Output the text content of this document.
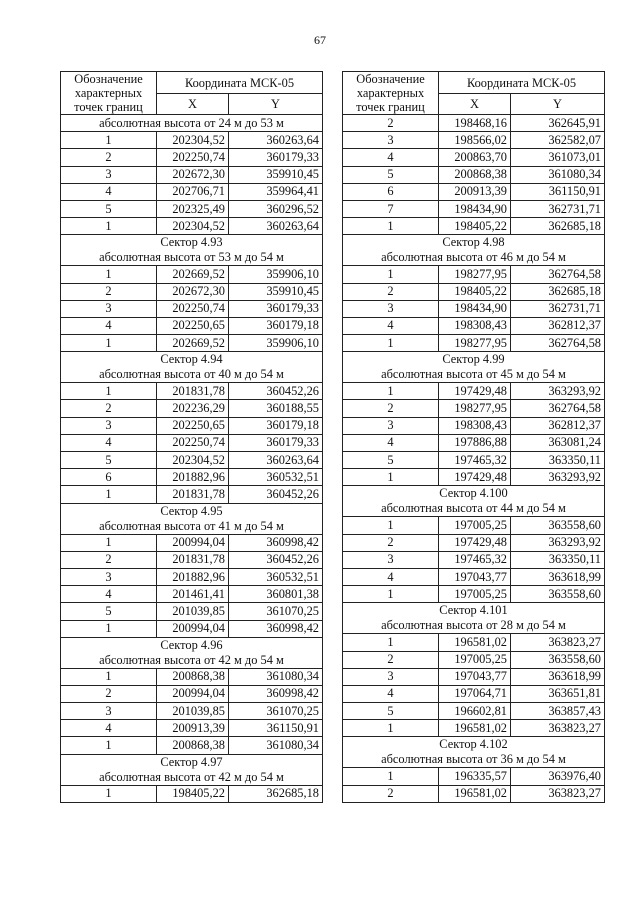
67
Обозначение характерных точек границ	Координата МСК-05	
	X	Y

абсолютная высота от 24 м до 53 м		

1	202304,52	360263,64
2	202250,74	360179,33
3	202672,30	359910,45
4	202706,71	359964,41
5	202325,49	360296,52
1	202304,52	360263,64

Сектор 4.93
абсолютная высота от 53 м до 54 м		

1	202669,52	359906,10
2	202672,30	359910,45
3	202250,74	360179,33
4	202250,65	360179,18
1	202669,52	359906,10

Сектор 4.94
абсолютная высота от 40 м до 54 м		

1	201831,78	360452,26
2	202236,29	360188,55
3	202250,65	360179,18
4	202250,74	360179,33
5	202304,52	360263,64
6	201882,96	360532,51
1	201831,78	360452,26

Сектор 4.95
абсолютная высота от 41 м до 54 м		

1	200994,04	360998,42
2	201831,78	360452,26
3	201882,96	360532,51
4	201461,41	360801,38
5	201039,85	361070,25
1	200994,04	360998,42

Сектор 4.96
абсолютная высота от 42 м до 54 м		

1	200868,38	361080,34
2	200994,04	360998,42
3	201039,85	361070,25
4	200913,39	361150,91
1	200868,38	361080,34

Сектор 4.97
абсолютная высота от 42 м до 54 м		

1	198405,22	362685,18
Обозначение характерных точек границ	Координата МСК-05	
	X	Y
2	198468,16	362645,91
3	198566,02	362582,07
4	200863,70	361073,01
5	200868,38	361080,34
6	200913,39	361150,91
7	198434,90	362731,71
1	198405,22	362685,18

Сектор 4.98
абсолютная высота от 46 м до 54 м		

1	198277,95	362764,58
2	198405,22	362685,18
3	198434,90	362731,71
4	198308,43	362812,37
1	198277,95	362764,58

Сектор 4.99
абсолютная высота от 45 м до 54 м		

1	197429,48	363293,92
2	198277,95	362764,58
3	198308,43	362812,37
4	197886,88	363081,24
5	197465,32	363350,11
1	197429,48	363293,92

Сектор 4.100
абсолютная высота от 44 м до 54 м		

1	197005,25	363558,60
2	197429,48	363293,92
3	197465,32	363350,11
4	197043,77	363618,99
1	197005,25	363558,60

Сектор 4.101
абсолютная высота от 28 м до 54 м		

1	196581,02	363823,27
2	197005,25	363558,60
3	197043,77	363618,99
4	197064,71	363651,81
5	196602,81	363857,43
1	196581,02	363823,27

Сектор 4.102
абсолютная высота от 36 м до 54 м		

1	196335,57	363976,40
2	196581,02	363823,27
